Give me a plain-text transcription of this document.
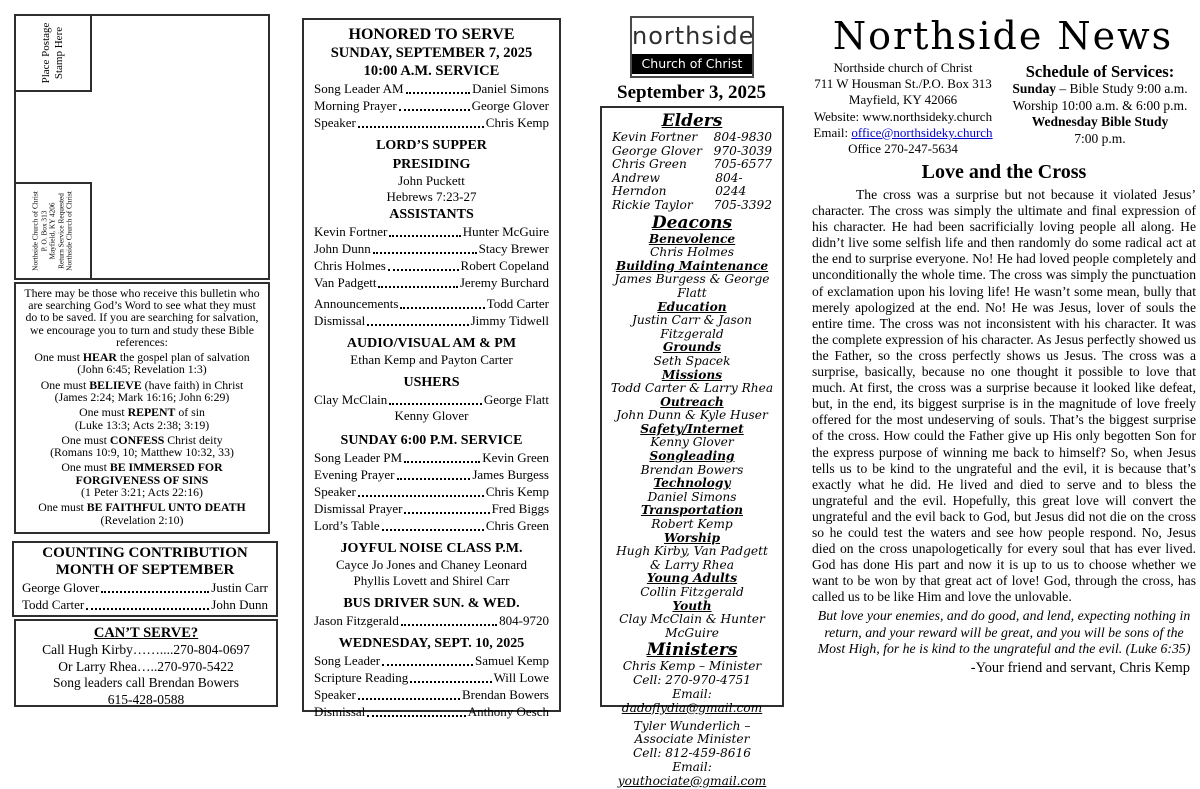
Place Postage Stamp Here
Northside Church of Christ P. O. Box 313 Mayfield, KY 4206 Return Service Requested Northside Church of Christ
There may be those who receive this bulletin who are searching God’s Word to see what they must do to be saved. If you are searching for salvation, we encourage you to turn and study these Bible references:
One must HEAR the gospel plan of salvation
(John 6:45; Revelation 1:3)
One must BELIEVE (have faith) in Christ
(James 2:24; Mark 16:16; John 6:29)
One must REPENT of sin
(Luke 13:3; Acts 2:38; 3:19)
One must CONFESS Christ deity
(Romans 10:9, 10; Matthew 10:32, 33)
One must BE IMMERSED FOR FORGIVENESS OF SINS
(1 Peter 3:21; Acts 22:16)
One must BE FAITHFUL UNTO DEATH
(Revelation 2:10)
COUNTING CONTRIBUTION
MONTH OF SEPTEMBER
George Glover	Justin Carr
Todd Carter	John Dunn
CAN’T SERVE?
Call Hugh Kirby……....270-804-0697
Or Larry Rhea…..270-970-5422
Song leaders call Brendan Bowers
615-428-0588
HONORED TO SERVE
SUNDAY, SEPTEMBER 7, 2025
10:00 A.M. SERVICE
Song Leader AM	Daniel Simons
Morning Prayer	George Glover
Speaker	Chris Kemp
LORD’S SUPPER
PRESIDING
John Puckett
Hebrews 7:23-27
ASSISTANTS
Kevin Fortner	Hunter McGuire
John Dunn	Stacy Brewer
Chris Holmes	Robert Copeland
Van Padgett	Jeremy Burchard
Announcements	Todd Carter
Dismissal	Jimmy Tidwell
AUDIO/VISUAL AM & PM
Ethan Kemp and Payton Carter
USHERS
Clay McClain	George Flatt
Kenny Glover
SUNDAY 6:00 P.M. SERVICE
Song Leader PM	Kevin Green
Evening Prayer	James Burgess
Speaker	Chris Kemp
Dismissal Prayer	Fred Biggs
Lord’s Table	Chris Green
JOYFUL NOISE CLASS P.M.
Cayce Jo Jones and Chaney Leonard
Phyllis Lovett and Shirel Carr
BUS DRIVER SUN. & WED.
Jason Fitzgerald	804-9720
WEDNESDAY, SEPT. 10, 2025
Song Leader	Samuel Kemp
Scripture Reading	Will Lowe
Speaker	Brendan Bowers
Dismissal	Anthony Oesch
northside
Church of Christ
September 3, 2025
Elders
Kevin Fortner 804-9830
George Glover 970-3039
Chris Green 705-6577
Andrew Herndon
804-0244
Rickie Taylor 705-3392
Deacons
Benevolence
Chris Holmes
Building Maintenance
James Burgess & George Flatt
Education
Justin Carr & Jason Fitzgerald
Grounds
Seth Spacek
Missions
Todd Carter & Larry Rhea
Outreach
John Dunn & Kyle Huser
Safety/Internet
Kenny Glover
Songleading
Brendan Bowers
Technology
Daniel Simons
Transportation
Robert Kemp
Worship
Hugh Kirby, Van Padgett
& Larry Rhea
Young Adults
Collin Fitzgerald
Youth
Clay McClain & Hunter McGuire
Ministers
Chris Kemp – Minister
Cell: 270-970-4751
Email: dadoflydia@gmail.com
Tyler Wunderlich –
Associate Minister
Cell: 812-459-8616
Email: youthociate@gmail.com
Northside News
Northside church of Christ
711 W Housman St./P.O. Box 313
Mayfield, KY 42066
Website: www.northsideky.church
Email: office@northsideky.church
Office 270-247-5634
Schedule of Services:
Sunday – Bible Study 9:00 a.m.
Worship 10:00 a.m. & 6:00 p.m.
Wednesday Bible Study
7:00 p.m.
Love and the Cross
The cross was a surprise but not because it violated Jesus’ character. The cross was simply the ultimate and final expression of his character. He had been sacrificially loving people all along. He didn’t live some selfish life and then randomly do some radical act at the end to surprise everyone. No! He had loved people completely and unconditionally the whole time. The cross was simply the punctuation of exclamation upon his loving life! He wasn’t some mean, bully that merely apologized at the end. No! He was Jesus, lover of souls the entire time. The cross was not inconsistent with his character. It was the complete expression of his character. As Jesus perfectly showed us the Father, so the cross perfectly shows us Jesus. The cross was a surprise, basically, because no one thought it possible to love that much. At first, the cross was a surprise because it looked like defeat, but, in the end, its biggest surprise is in the magnitude of love freely offered for the most undeserving of souls. That’s the biggest surprise of the cross. How could the Father give up His only begotten Son for the express purpose of winning me back to himself? So, when Jesus tells us to be kind to the ungrateful and the evil, it is because that’s exactly what he did. He lived and died to serve and to bless the ungrateful and the evil. Hopefully, this great love will convert the ungrateful and the evil back to God, but Jesus did not die on the cross so he could test the waters and see how people respond. No, Jesus died on the cross unapologetically for every soul that has ever lived. God has done His part and now it is up to us to choose whether we want to be won by that great act of love! God, through the cross, has called us to be like Him and love the unlovable.
But love your enemies, and do good, and lend, expecting nothing in return, and your reward will be great, and you will be sons of the Most High, for he is kind to the ungrateful and the evil. (Luke 6:35)
-Your friend and servant, Chris Kemp
